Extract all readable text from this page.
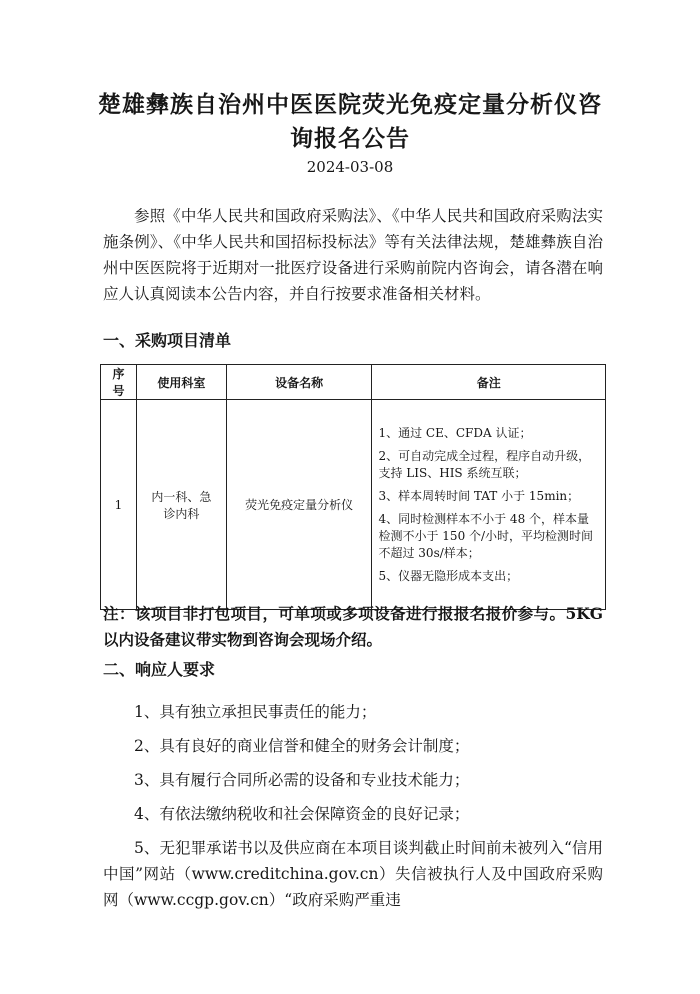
楚雄彝族自治州中医医院荧光免疫定量分析仪咨询报名公告
2024-03-08

参照《中华人民共和国政府采购法》、《中华人民共和国政府采购法实施条例》、《中华人民共和国招标投标法》等有关法律法规，楚雄彝族自治州中医医院将于近期对一批医疗设备进行采购前院内咨询会，请各潜在响应人认真阅读本公告内容，并自行按要求准备相关材料。

一、采购项目清单

序号	使用科室	设备名称	备注
1	内一科、急诊内科	荧光免疫定量分析仪	1、通过 CE、CFDA 认证；
2、可自动完成全过程，程序自动升级，支持 LIS、HIS 系统互联；
3、样本周转时间 TAT 小于 15min；
4、同时检测样本不小于 48 个，样本量检测不小于 150 个/小时，平均检测时间不超过 30s/样本；
5、仪器无隐形成本支出；

注：该项目非打包项目，可单项或多项设备进行报报名报价参与。5KG 以内设备建议带实物到咨询会现场介绍。

二、响应人要求

1、具有独立承担民事责任的能力；

2、具有良好的商业信誉和健全的财务会计制度；

3、具有履行合同所必需的设备和专业技术能力；

4、有依法缴纳税收和社会保障资金的良好记录；

5、无犯罪承诺书以及供应商在本项目谈判截止时间前未被列入“信用中国”网站（www.creditchina.gov.cn）失信被执行人及中国政府采购网（www.ccgp.gov.cn）“政府采购严重违
